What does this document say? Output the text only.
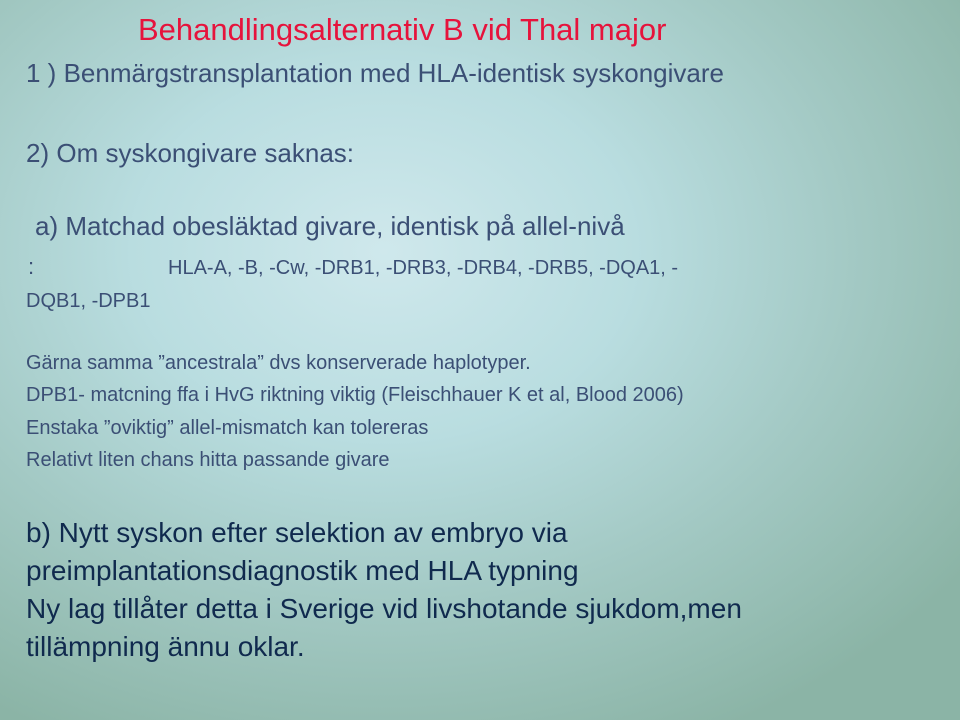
Behandlingsalternativ B vid Thal major
1 ) Benmärgstransplantation med HLA-identisk syskongivare
2) Om syskongivare saknas:
a) Matchad obesläktad givare, identisk på allel-nivå
:	HLA-A, -B, -Cw, -DRB1, -DRB3, -DRB4, -DRB5, -DQA1, -
DQB1, -DPB1
Gärna samma ”ancestrala” dvs konserverade haplotyper.
DPB1- matcning ffa i HvG riktning viktig (Fleischhauer K et al, Blood 2006)
Enstaka ”oviktig” allel-mismatch kan tolereras
Relativt liten chans hitta passande givare
b) Nytt syskon efter selektion av embryo via
preimplantationsdiagnostik med HLA typning
Ny lag tillåter detta i Sverige vid livshotande sjukdom,men
tillämpning ännu oklar.
